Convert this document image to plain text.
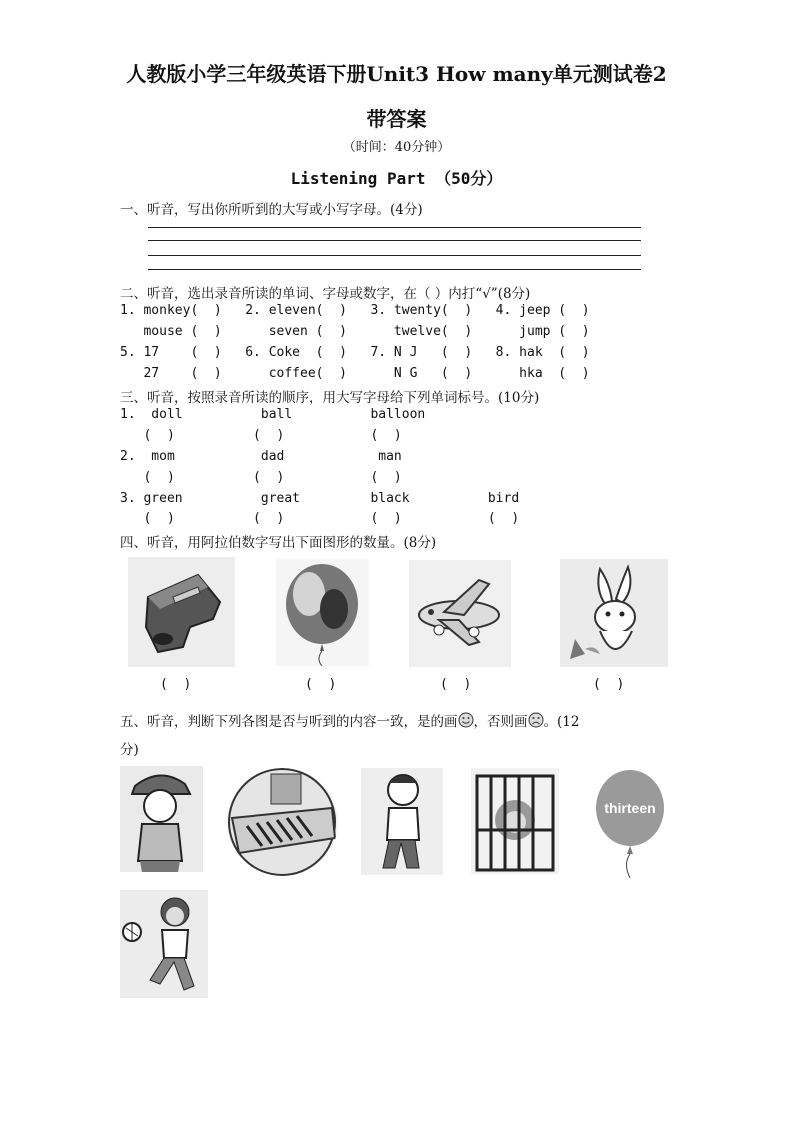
人教版小学三年级英语下册Unit3 How many单元测试卷2
带答案
（时间：40分钟）
Listening Part （50分）
一、听音，写出你所听到的大写或小写字母。(4分)
二、听音，选出录音所读的单词、字母或数字，在（ ）内打“√”(8分)
1. monkey(  )   2. eleven(  )   3. twenty(  )   4. jeep (  )
mouse (  )      seven (  )      twelve(  )      jump (  )
5. 17    (  )   6. Coke  (  )   7. N J   (  )   8. hak  (  )
27    (  )      coffee(  )      N G   (  )      hka  (  )
三、听音，按照录音所读的顺序，用大写字母给下列单词标号。(10分)
1.  doll          ball          balloon
(  )          (  )           (  )
2.  mom           dad            man
(  )          (  )           (  )
3. green          great         black          bird
(  )          (  )           (  )           (  )
四、听音，用阿拉伯数字写出下面图形的数量。(8分)
(  )	(  )	(  )	(  )
五、听音，判断下列各图是否与听到的内容一致，是的画 ，否则画 。(12
分)
thirteen
